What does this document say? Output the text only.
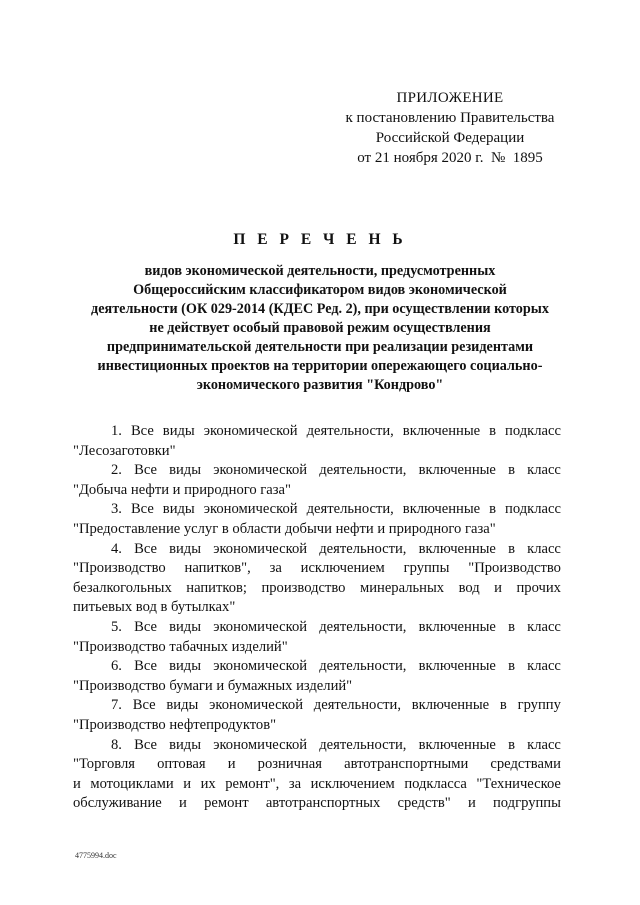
ПРИЛОЖЕНИЕ
к постановлению Правительства
Российской Федерации
от 21 ноября 2020 г.  №  1895
П Е Р Е Ч Е Н Ь
видов экономической деятельности, предусмотренных
Общероссийским классификатором видов экономической
деятельности (ОК 029-2014 (КДЕС Ред. 2), при осуществлении которых
не действует особый правовой режим осуществления
предпринимательской деятельности при реализации резидентами
инвестиционных проектов на территории опережающего социально-
экономического развития "Кондрово"
1. Все виды экономической деятельности, включенные в подкласс
"Лесозаготовки"
2. Все виды экономической деятельности, включенные в класс
"Добыча нефти и природного газа"
3. Все виды экономической деятельности, включенные в подкласс
"Предоставление услуг в области добычи нефти и природного газа"
4. Все виды экономической деятельности, включенные в класс
"Производство напитков", за исключением группы "Производство
безалкогольных напитков; производство минеральных вод и прочих
питьевых вод в бутылках"
5. Все виды экономической деятельности, включенные в класс
"Производство табачных изделий"
6. Все виды экономической деятельности, включенные в класс
"Производство бумаги и бумажных изделий"
7. Все виды экономической деятельности, включенные в группу
"Производство нефтепродуктов"
8. Все виды экономической деятельности, включенные в класс
"Торговля оптовая и розничная автотранспортными средствами
и мотоциклами и их ремонт", за исключением подкласса "Техническое
обслуживание и ремонт автотранспортных средств" и подгруппы
4775994.doc
